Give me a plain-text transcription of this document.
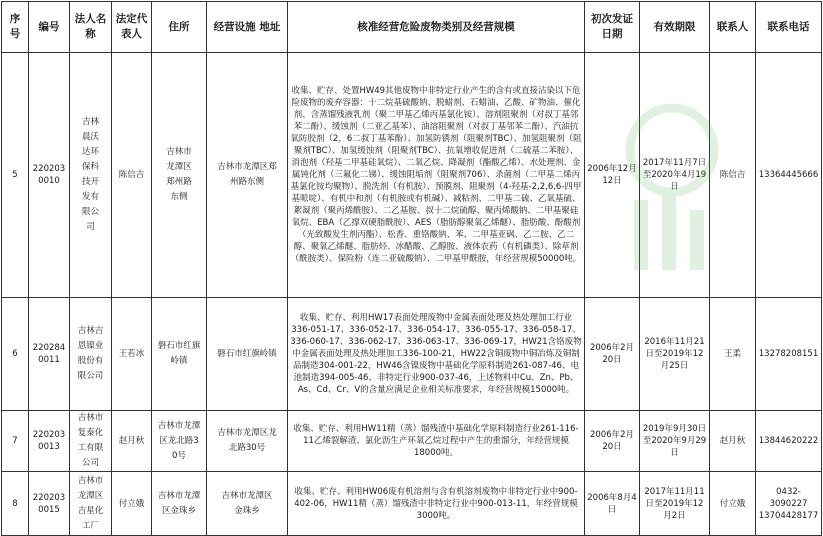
序号	编号	法人名称	法定代表人	住所	经营设施 地址	核准经营危险废物类别及经营规模	初次发证日期	有效期限	联系人	联系电话
5	220203 0010	吉林晨沃达环保科技开发有限公司	陈信吉	吉林市龙潭区郑州路东侧	吉林市龙潭区郑州路东侧	收集、贮存、处置HW49其他废物中非特定行业产生的含有或直接沾染以下危险废物的废弃容器：十二烷基硫酸钠、脱蜡剂、石蜡油、乙酸、矿物油、催化剂、含蒸馏残液乳剂（聚二甲基乙烯丙基氯化铵）、溶剂阻聚剂（对叔丁基邻苯二酚）、缓蚀剂（二亚乙基苯）、油溶阻聚剂（对叔丁基邻苯二酚）、汽油抗氧防胶剂（2，6二叔丁基苯酚）、加氢防锈剂（阻聚剂TBC）、加氢阻聚剂（阻聚剂TBC）、加氢缓蚀剂（阻聚剂TBC）、抗氧增收促进剂（二硫基二苯胺）、消泡剂（羟基二甲基硅氧烷）、二氧乙烷、降凝剂（酯酸乙烯）、水处理剂、金属钝化剂（三氟化二锑）、缓蚀阻垢剂（阻聚剂706）、杀菌剂（二甲基二烯丙基氯化铵均聚物）、脱洗剂（有机胺）、预膜剂、阻聚剂（4-羟基-2,2,6,6-四甲基哌啶）、有机中和剂（有机胺或有机碱）、减粘剂、二甲基二硫、乙氧基硫、絮凝剂（聚丙烯酰胺）、二乙基胺、叔十二烷硫醇、聚丙烯酸钠、二甲基聚硅氧烷、EBA（乙撑双硬脂酰胺）、AES（脂肪醇聚氧乙烯醚）、脂肪酸、酚酸剂（光致酸发生剂丙酯）、松香、重铬酸钠、苯、二甲基亚砜、乙二胺、乙二醇、聚氧乙烯醚、脂肪烃、冰醋酸、乙醇胺、液体农药（有机磷类）、除草剂（酰胺类）、保险粉（连二亚硫酸钠）、二甲基甲酰胺，年经营规模50000吨。	2006年12月12日	2017年11月7日至2020年4月19日	陈信吉	13364445666
6	220284 0011	吉林吉恩镍业股份有限公司	王若冰	磐石市红旗岭镇	磐石市红旗岭镇	收集、贮存、利用HW17表面处理废物中金属表面处理及热处理加工行业 336-051-17、336-052-17、336-054-17、336-055-17、336-058-17、336-060-17、336-062-17、336-063-17、336-069-17，HW21含铬废物中金属表面处理及热处理加工336-100-21，HW22含铜废物中铜冶炼及铜制品制造304-001-22，HW46含镍废物中基础化学原料制造261-087-46、电池制造394-005-46、非特定行业900-037-46，上述物料中Cu、Zn、Pb、As、Cd、Cr、V的含量应满足企业相关标准要求，年经营规模15000吨。	2006年2月20日	2016年11月21日至2019年12月25日	王柔	13278208151
7	220203 0013	吉林市复泰化工有限公司	赵月秋	吉林市龙潭区龙北路30号	吉林市龙潭区龙北路30号	收集、贮存、利用HW11精（蒸）馏残渣中基础化学原料制造行业261-116-11乙烯裂解渣、氯化沥生产环氧乙烷过程中产生的重馏分，年经营规模18000吨。	2006年2月20日	2019年9月30日至2020年9月29日	赵月秋	13844620222
8	220203 0015	吉林市龙潭区吉星化工厂	付立娥	吉林市龙潭区金珠乡	吉林市龙潭区金珠乡	收集、贮存、利用HW06废有机溶剂与含有机溶剂废物中非特定行业中900-402-06，HW11精（蒸）馏残渣中非特定行业中900-013-11，年经营规模3000吨。	2006年8月4日	2017年11月11日至2019年12月2日	付立娥	0432-3090227 13704428177
